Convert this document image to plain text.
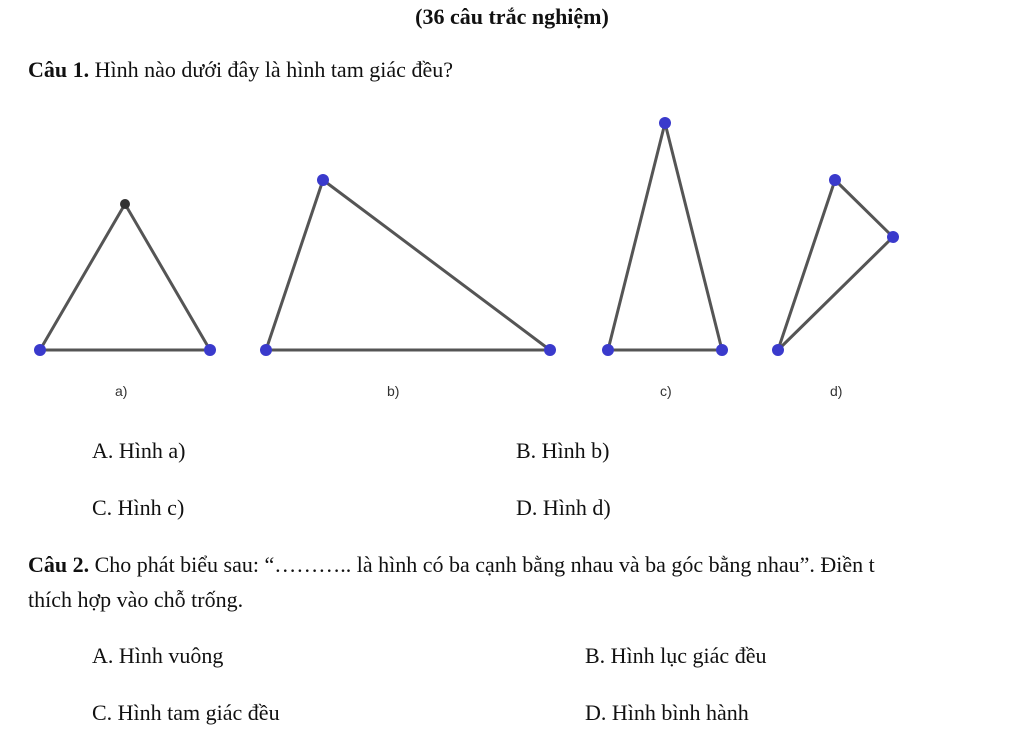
(36 câu trắc nghiệm)
Câu 1. Hình nào dưới đây là hình tam giác đều?
a)	b)	c)	d)
A. Hình a)	B. Hình b)
C. Hình c)	D. Hình d)
Câu 2. Cho phát biểu sau: “……….. là hình có ba cạnh bằng nhau và ba góc bằng nhau”. Điền t
thích hợp vào chỗ trống.
A. Hình vuông	B. Hình lục giác đều
C. Hình tam giác đều	D. Hình bình hành
